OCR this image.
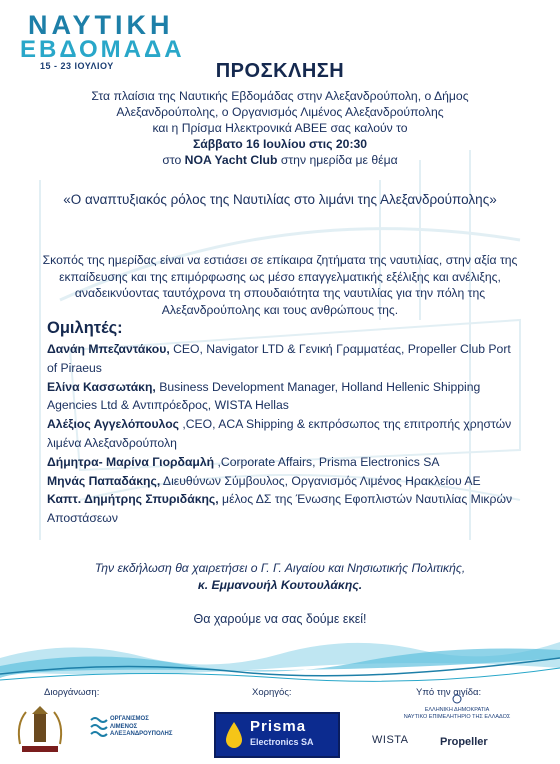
ΝΑΥΤΙΚΗ
ΕΒΔΟΜΑΔΑ
15 - 23 ΙΟΥΛΙΟΥ	ΠΡΟΣΚΛΗΣΗ
Στα πλαίσια της Ναυτικής Εβδομάδας στην Αλεξανδρούπολη, ο Δήμος
Αλεξανδρούπολης, ο Οργανισμός Λιμένος Αλεξανδρούπολης
και η Πρίσμα Ηλεκτρονικά ΑΒΕΕ σας καλούν το
Σάββατο 16 Ιουλίου στις 20:30
στο NOA Yacht Club στην ημερίδα με θέμα
«Ο αναπτυξιακός ρόλος της Ναυτιλίας στο λιμάνι της Αλεξανδρούπολης»
Σκοπός της ημερίδας είναι να εστιάσει σε επίκαιρα ζητήματα της ναυτιλίας, στην αξία της εκπαίδευσης και της επιμόρφωσης ως μέσο επαγγελματικής εξέλιξης και ανέλιξης, αναδεικνύοντας ταυτόχρονα τη σπουδαιότητα της ναυτιλίας για την πόλη της Αλεξανδρούπολης και τους ανθρώπους της.
Ομιλητές:

Δανάη Μπεζαντάκου, CEO, Navigator LTD & Γενική Γραμματέας, Propeller Club Port of Piraeus

Ελίνα Κασσωτάκη, Business Development Manager, Holland Hellenic Shipping Agencies Ltd & Αντιπρόεδρος, WISTA Hellas

Αλέξιος Αγγελόπουλος ,CEO, ACA Shipping & εκπρόσωπος της επιτροπής χρηστών λιμένα Αλεξανδρούπολη

Δήμητρα- Μαρίνα Γιορδαμλή ,Corporate Affairs, Prisma Electronics SA

Μηνάς Παπαδάκης, Διευθύνων Σύμβουλος, Οργανισμός Λιμένος Ηρακλείου ΑΕ

Καπτ. Δημήτρης Σπυριδάκης, μέλος ΔΣ της Ένωσης Εφοπλιστών Ναυτιλίας Μικρών Αποστάσεων

Την εκδήλωση θα χαιρετήσει ο Γ. Γ. Αιγαίου και Νησιωτικής Πολιτικής,
κ. Εμμανουήλ Κουτουλάκης.
Θα χαρούμε να σας δούμε εκεί!
Διοργάνωση:	Χορηγός:	Υπό την αιγίδα:
ΟΡΓΑΝΙΣΜΟΣ
ΛΙΜΕΝΟΣ
ΑΛΕΞΑΝΔΡΟΥΠΟΛΗΣ	Prisma
Electronics SA
ΕΛΛΗΝΙΚΗ ΔΗΜΟΚΡΑΤΙΑ
ΝΑΥΤΙΚΟ ΕΠΙΜΕΛΗΤΗΡΙΟ ΤΗΣ ΕΛΛΑΔΟΣ
WISTA	Propeller
